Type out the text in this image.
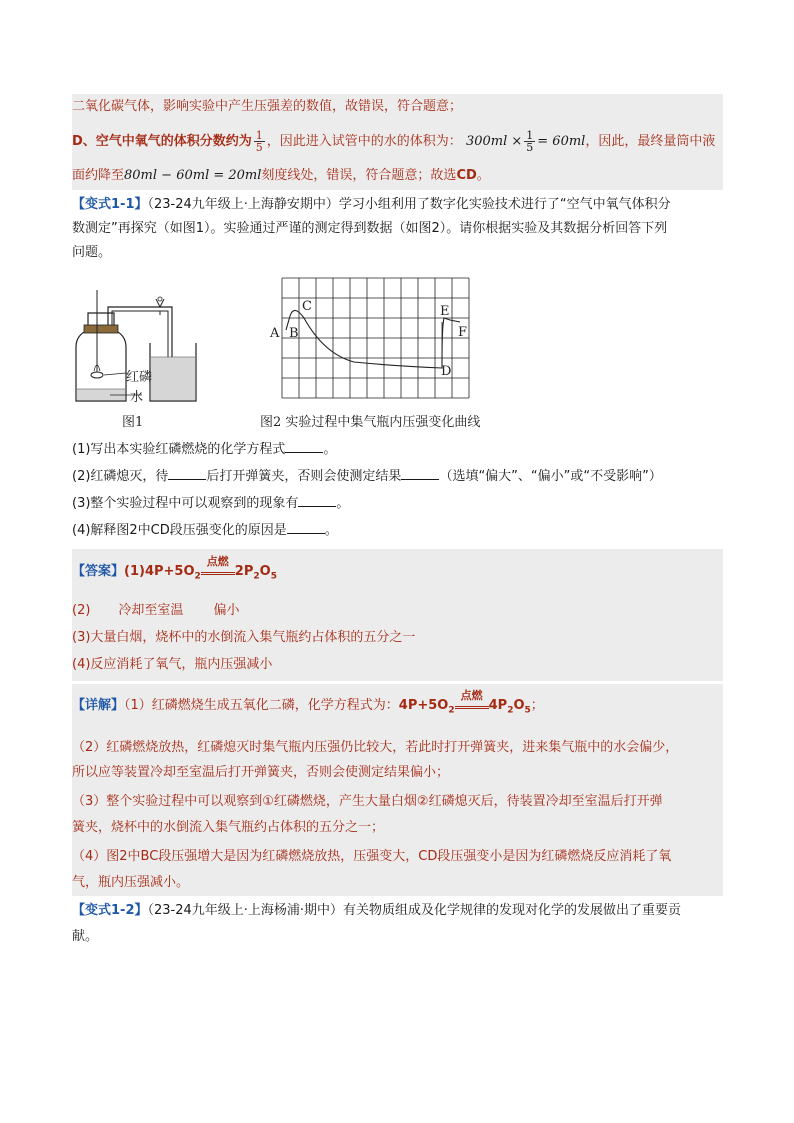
二氧化碳气体，影响实验中产生压强差的数值，故错误，符合题意；
D、空气中氧气的体积分数约为 $\frac{1}{5}$ ，因此进入试管中的水的体积为： $300ml \times \frac{1}{5} = 60ml$，因此，最终量筒中液
面约降至80ml − 60ml = 20ml刻度线处，错误，符合题意；故选CD。
【变式1-1】（23-24九年级上·上海静安期中）学习小组利用了数字化实验技术进行了“空气中氧气体积分
数测定”再探究（如图1）。实验通过严谨的测定得到数据（如图2）。请你根据实验及其数据分析回答下列
问题。
红磷
水
图1
A B
C
D
E
F
图2 实验过程中集气瓶内压强变化曲线
(1)写出本实验红磷燃烧的化学方程式	。
(2)红磷熄灭，待	后打开弹簧夹，否则会使测定结果	（选填“偏大”、“偏小”或“不受影响”）
(3)整个实验过程中可以观察到的现象有	。
(4)解释图2中CD段压强变化的原因是	。
【答案】$(1)4P+5O_2$
点燃
$2P_2O_5$
(2) 冷却至室温 偏小
(3)大量白烟，烧杯中的水倒流入集气瓶约占体积的五分之一
(4)反应消耗了氧气，瓶内压强减小
【详解】（1）红磷燃烧生成五氧化二磷，化学方程式为：$4P+5O_2$
点燃
$4P_2O_5$；
（2）红磷燃烧放热，红磷熄灭时集气瓶内压强仍比较大，若此时打开弹簧夹，进来集气瓶中的水会偏少，
所以应等装置冷却至室温后打开弹簧夹，否则会使测定结果偏小；
（3）整个实验过程中可以观察到①红磷燃烧，产生大量白烟②红磷熄灭后，待装置冷却至室温后打开弹
簧夹，烧杯中的水倒流入集气瓶约占体积的五分之一；
（4）图2中BC段压强增大是因为红磷燃烧放热，压强变大，CD段压强变小是因为红磷燃烧反应消耗了氧
气，瓶内压强减小。
【变式1-2】（23-24九年级上·上海杨浦·期中）有关物质组成及化学规律的发现对化学的发展做出了重要贡
献。
